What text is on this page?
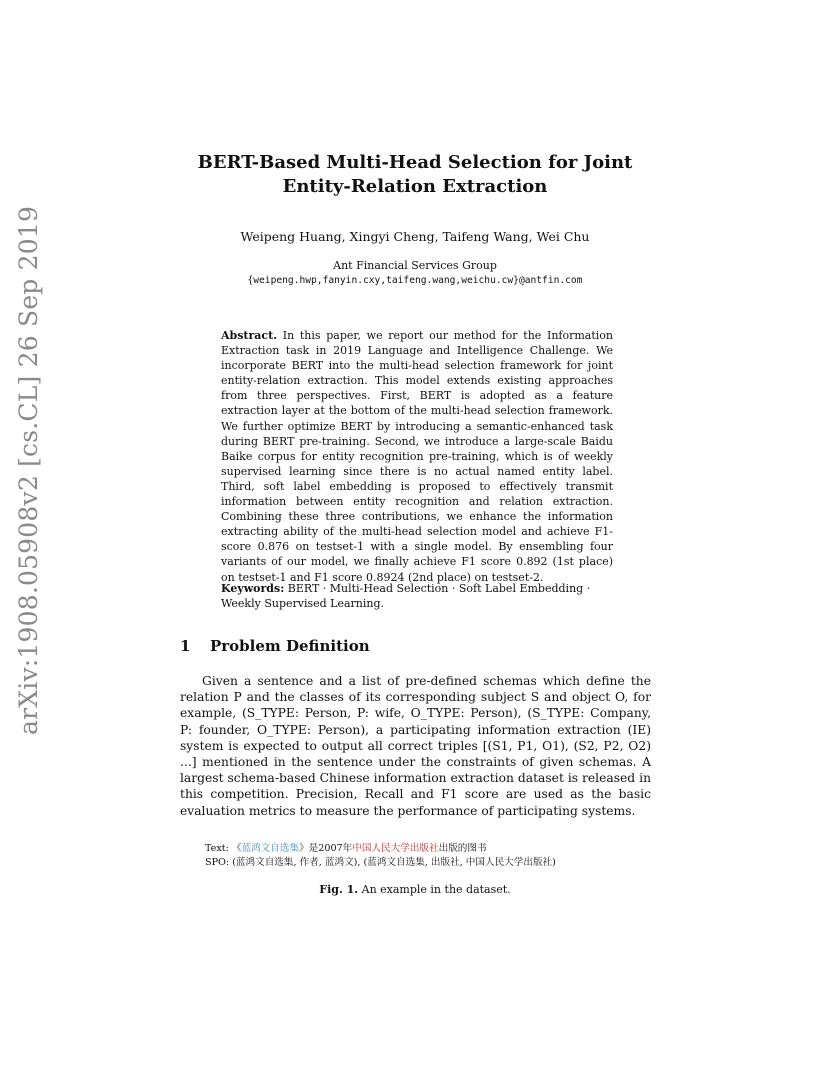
arXiv:1908.05908v2 [cs.CL] 26 Sep 2019
BERT-Based Multi-Head Selection for Joint
Entity-Relation Extraction
Weipeng Huang, Xingyi Cheng, Taifeng Wang, Wei Chu
Ant Financial Services Group
{weipeng.hwp,fanyin.cxy,taifeng.wang,weichu.cw}@antfin.com
Abstract. In this paper, we report our method for the Information Extraction task in 2019 Language and Intelligence Challenge. We incorporate BERT into the multi-head selection framework for joint entity-relation extraction. This model extends existing approaches from three perspectives. First, BERT is adopted as a feature extraction layer at the bottom of the multi-head selection framework. We further optimize BERT by introducing a semantic-enhanced task during BERT pre-training. Second, we introduce a large-scale Baidu Baike corpus for entity recognition pre-training, which is of weekly supervised learning since there is no actual named entity label. Third, soft label embedding is proposed to effectively transmit information between entity recognition and relation extraction. Combining these three contributions, we enhance the information extracting ability of the multi-head selection model and achieve F1-score 0.876 on testset-1 with a single model. By ensembling four variants of our model, we finally achieve F1 score 0.892 (1st place) on testset-1 and F1 score 0.8924 (2nd place) on testset-2.
Keywords: BERT · Multi-Head Selection · Soft Label Embedding · Weekly Supervised Learning.
1 Problem Definition
Given a sentence and a list of pre-defined schemas which define the relation P and the classes of its corresponding subject S and object O, for example, (S_TYPE: Person, P: wife, O_TYPE: Person), (S_TYPE: Company, P: founder, O_TYPE: Person), a participating information extraction (IE) system is expected to output all correct triples [(S1, P1, O1), (S2, P2, O2) ...] mentioned in the sentence under the constraints of given schemas. A largest schema-based Chinese information extraction dataset is released in this competition. Precision, Recall and F1 score are used as the basic evaluation metrics to measure the performance of participating systems.
Text: 《蓝鸿文自选集》是2007年中国人民大学出版社出版的图书
SPO: (蓝鸿文自选集, 作者, 蓝鸿文), (蓝鸿文自选集, 出版社, 中国人民大学出版社)
Fig. 1. An example in the dataset.
